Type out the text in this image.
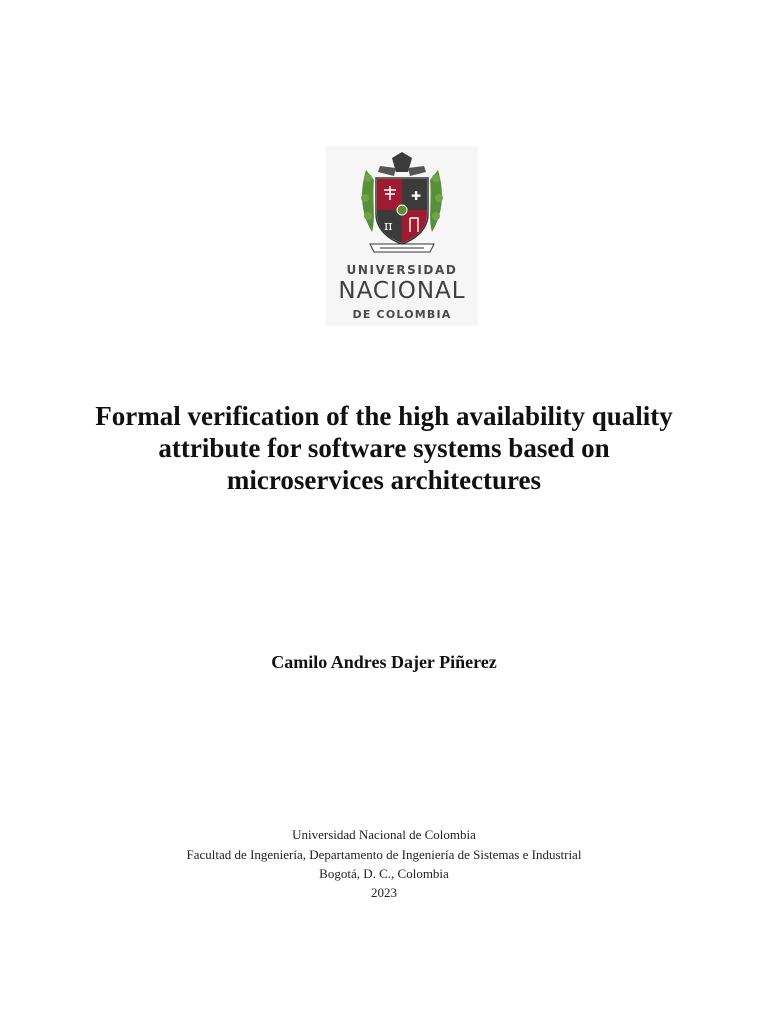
✚
π
UNIVERSIDAD
NACIONAL
DE COLOMBIA
Formal verification of the high availability quality attribute for software systems based on microservices architectures
Camilo Andres Dajer Piñerez
Universidad Nacional de Colombia
Facultad de Ingeniería, Departamento de Ingeniería de Sistemas e Industrial
Bogotá, D. C., Colombia
2023
